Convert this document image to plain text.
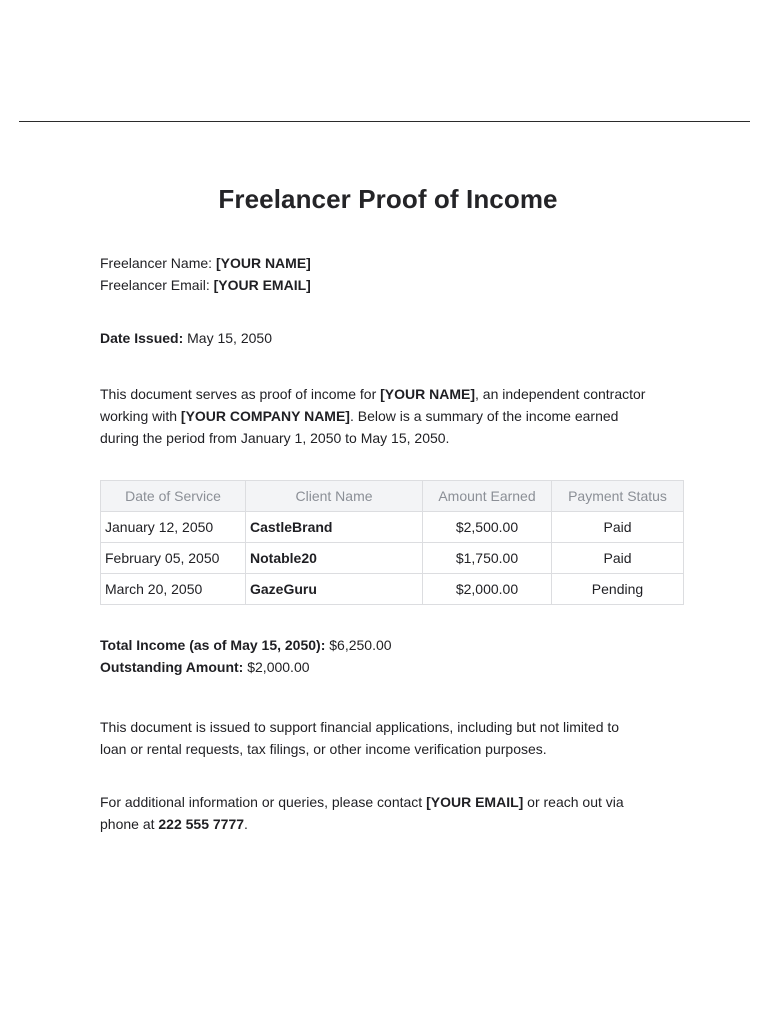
Freelancer Proof of Income
Freelancer Name: [YOUR NAME]
Freelancer Email: [YOUR EMAIL]
Date Issued: May 15, 2050
This document serves as proof of income for [YOUR NAME], an independent contractor
working with [YOUR COMPANY NAME]. Below is a summary of the income earned
during the period from January 1, 2050 to May 15, 2050.
Date of Service	Client Name	Amount Earned	Payment Status
January 12, 2050	CastleBrand	$2,500.00	Paid
February 05, 2050	Notable20	$1,750.00	Paid
March 20, 2050	GazeGuru	$2,000.00	Pending
Total Income (as of May 15, 2050): $6,250.00
Outstanding Amount: $2,000.00
This document is issued to support financial applications, including but not limited to
loan or rental requests, tax filings, or other income verification purposes.
For additional information or queries, please contact [YOUR EMAIL] or reach out via
phone at 222 555 7777.
